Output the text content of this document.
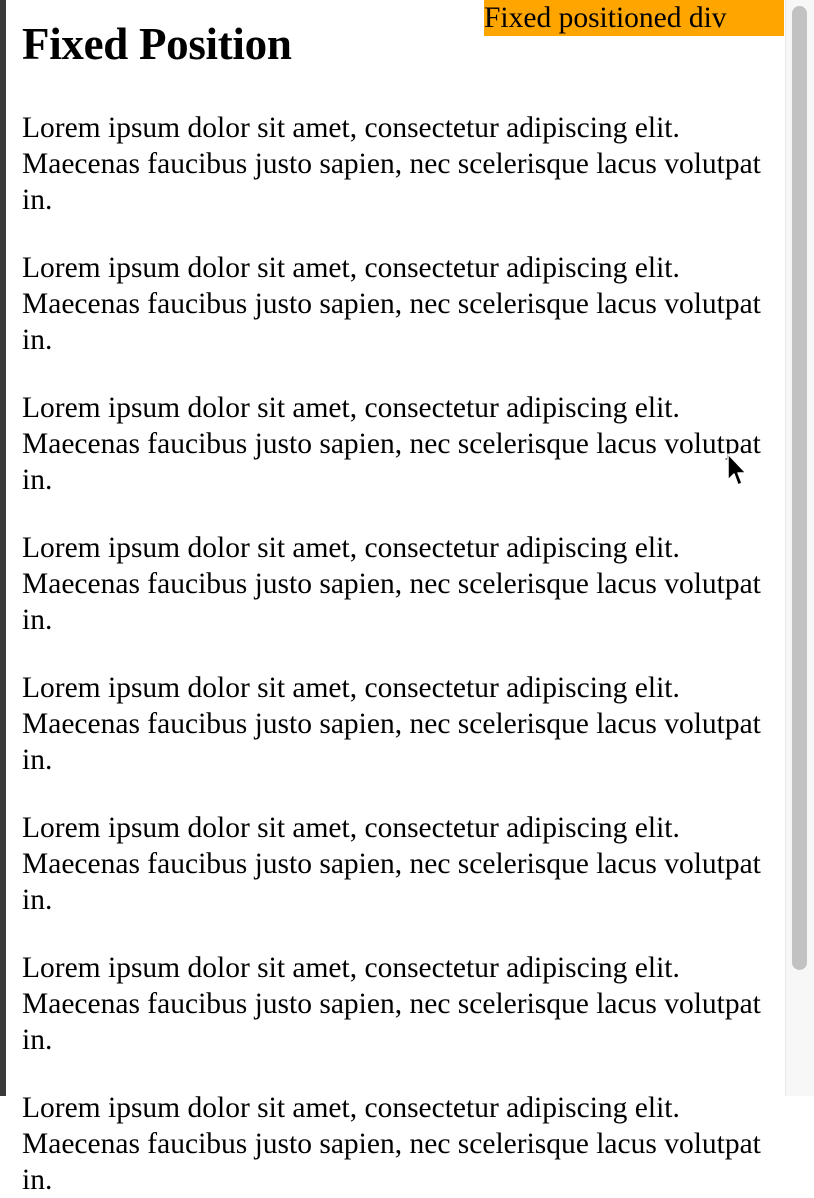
Fixed Position

Lorem ipsum dolor sit amet, consectetur adipiscing elit. Maecenas faucibus justo sapien, nec scelerisque lacus volutpat in.

Lorem ipsum dolor sit amet, consectetur adipiscing elit. Maecenas faucibus justo sapien, nec scelerisque lacus volutpat in.

Lorem ipsum dolor sit amet, consectetur adipiscing elit. Maecenas faucibus justo sapien, nec scelerisque lacus volutpat in.

Lorem ipsum dolor sit amet, consectetur adipiscing elit. Maecenas faucibus justo sapien, nec scelerisque lacus volutpat in.

Lorem ipsum dolor sit amet, consectetur adipiscing elit. Maecenas faucibus justo sapien, nec scelerisque lacus volutpat in.

Lorem ipsum dolor sit amet, consectetur adipiscing elit. Maecenas faucibus justo sapien, nec scelerisque lacus volutpat in.

Lorem ipsum dolor sit amet, consectetur adipiscing elit. Maecenas faucibus justo sapien, nec scelerisque lacus volutpat in.

Lorem ipsum dolor sit amet, consectetur adipiscing elit. Maecenas faucibus justo sapien, nec scelerisque lacus volutpat in.

Fixed positioned div
